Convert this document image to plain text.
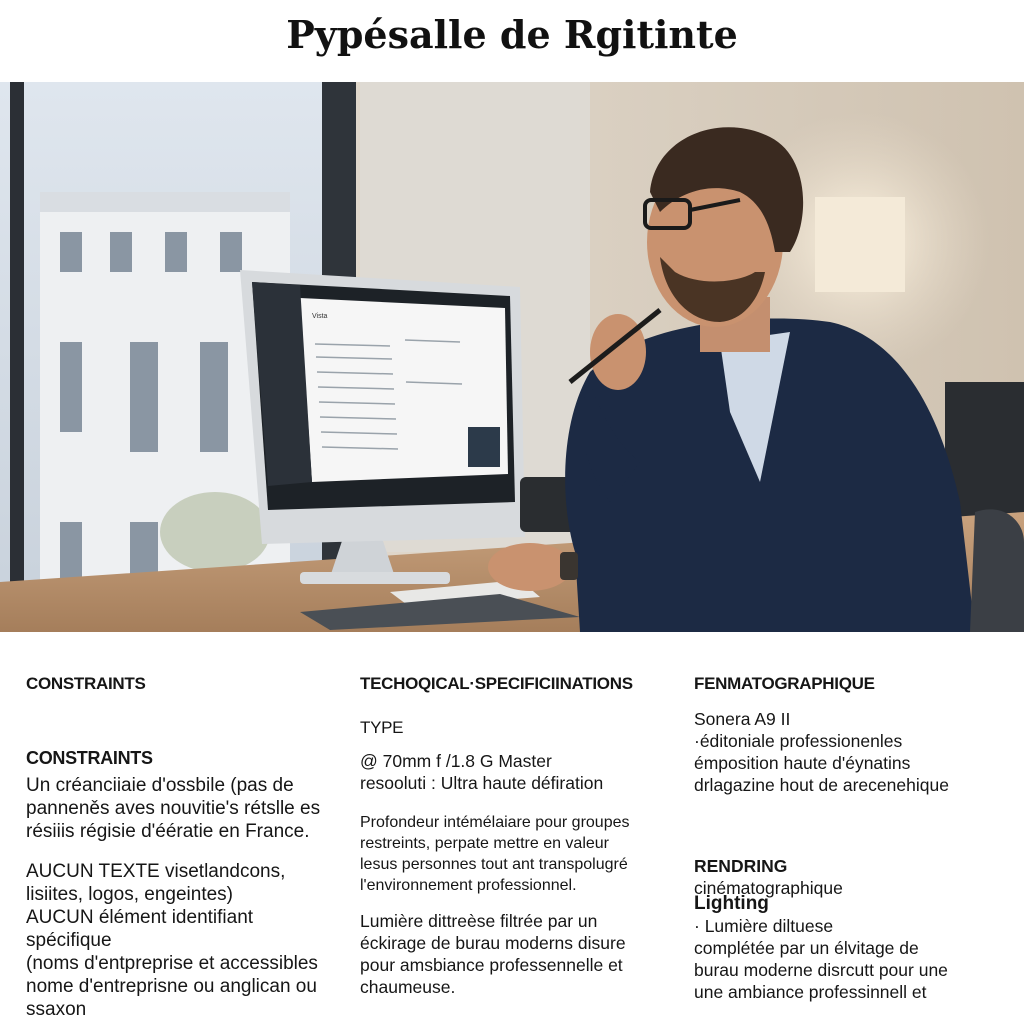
Pypésalle de Rgitinte
Vista
CONSTRAINTS
CONSTRAINTS
Un créanciiaie d'ossbile (pas de
panneněs aves nouvitie's rétslle es
résiiis régisie d'éératie en France.
AUCUN TEXTE visetlandcons,
lisiites, logos, engeintes)
AUCUN élément identifiant spécifique
(noms d'entpreprise et accessibles
nome d'entreprisne ou anglican ou
ssaxon
TECHOQICAL·SPECIFICIINATIONS
TYPE
@ 70mm f /1.8 G Master
resooluti : Ultra haute défiration
Profondeur intémélaiare pour groupes
restreints, perpate mettre en valeur
lesus personnes tout ant transpolugré
l'environnement professionnel.
Lumière dittreèse filtrée par un
éckirage de burau moderns disure
pour amsbiance professennelle et
chaumeuse.
FENMATOGRAPHIQUE
Sonera A9 II
·éditoniale professionenles
émposition haute d'éynatins
drlagazine hout de arecenehique

RENDRING
cinématographique

Lighting
· Lumière diltuese
complétée par un élvitage de
burau moderne disrcutt pour une
une ambiance professinnell et
